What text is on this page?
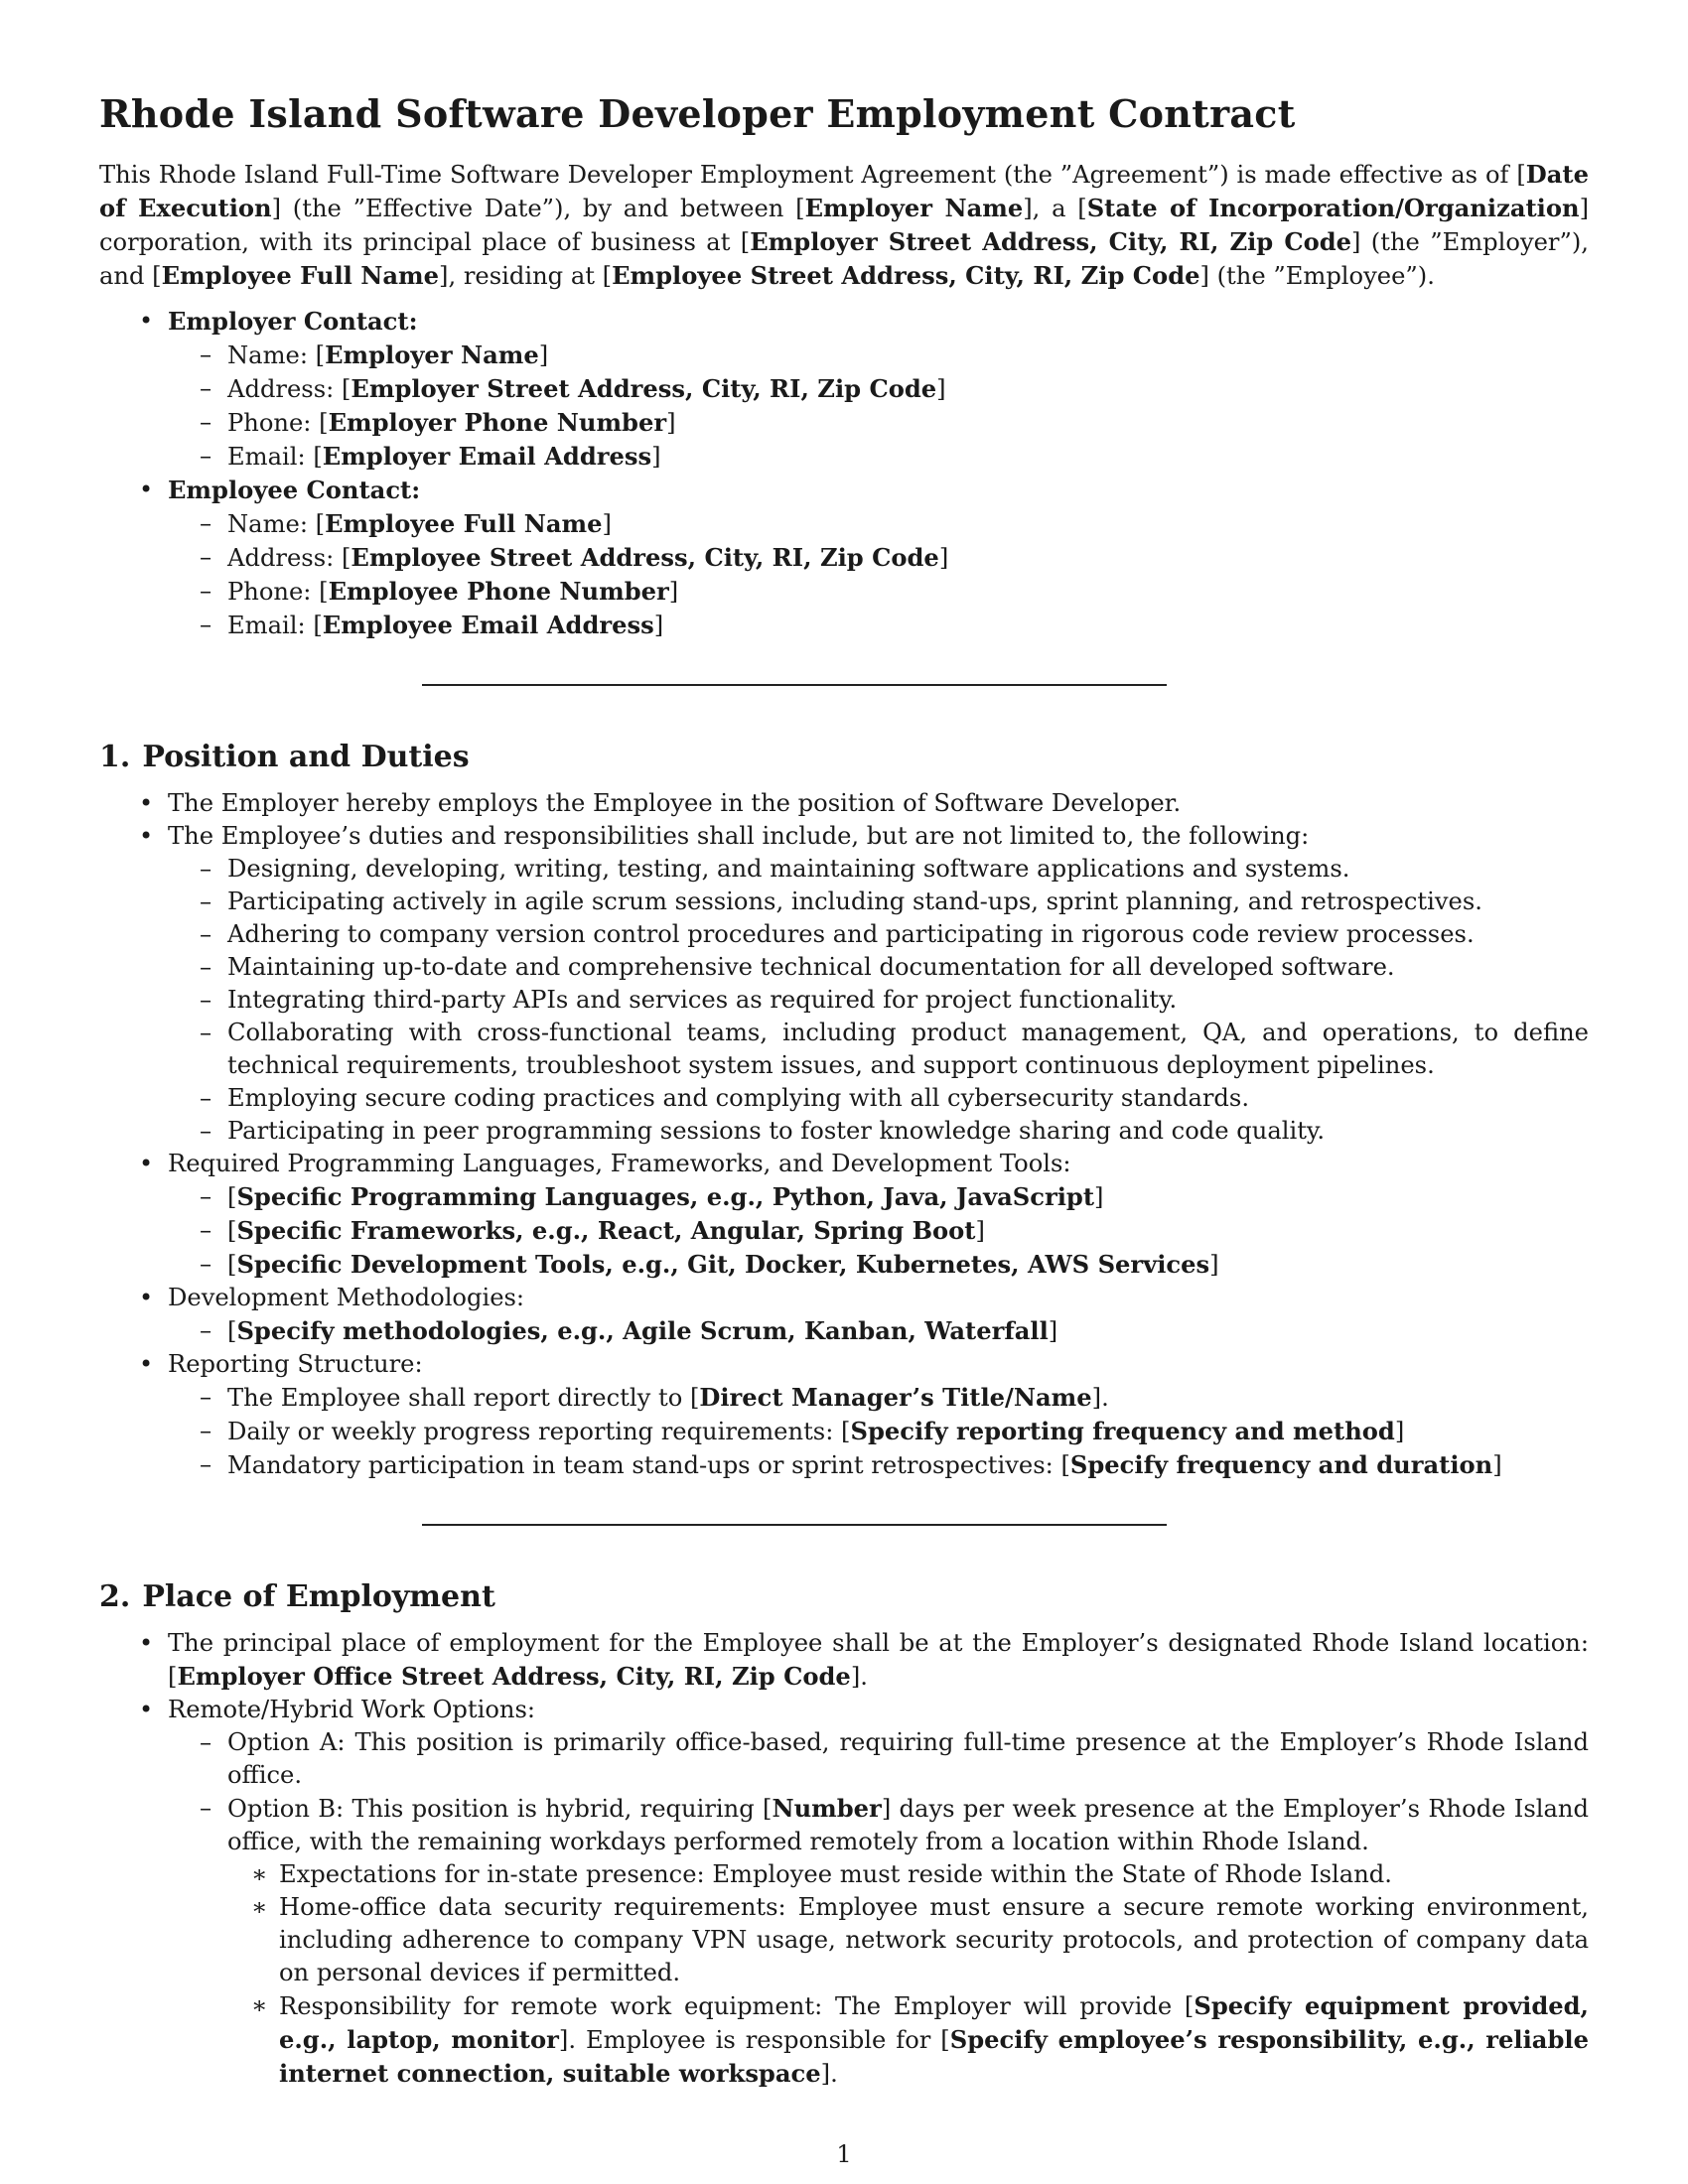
Rhode Island Software Developer Employment Contract

This Rhode Island Full-Time Software Developer Employment Agreement (the ”Agreement”) is made effective as of [Date of Execution] (the ”Effective Date”), by and between [Employer Name], a [State of Incorporation/Organization] corporation, with its principal place of business at [Employer Street Address, City, RI, Zip Code] (the ”Employer”), and [Employee Full Name], residing at [Employee Street Address, City, RI, Zip Code] (the ”Employee”).

• Employer Contact:
– Name: [Employer Name]
– Address: [Employer Street Address, City, RI, Zip Code]
– Phone: [Employer Phone Number]
– Email: [Employer Email Address]
• Employee Contact:
– Name: [Employee Full Name]
– Address: [Employee Street Address, City, RI, Zip Code]
– Phone: [Employee Phone Number]
– Email: [Employee Email Address]
1. Position and Duties
• The Employer hereby employs the Employee in the position of Software Developer.
• The Employee’s duties and responsibilities shall include, but are not limited to, the following:
– Designing, developing, writing, testing, and maintaining software applications and systems.
– Participating actively in agile scrum sessions, including stand-ups, sprint planning, and retrospectives.
– Adhering to company version control procedures and participating in rigorous code review processes.
– Maintaining up-to-date and comprehensive technical documentation for all developed software.
– Integrating third-party APIs and services as required for project functionality.
– Collaborating with cross-functional teams, including product management, QA, and operations, to define technical requirements, troubleshoot system issues, and support continuous deployment pipelines.
– Employing secure coding practices and complying with all cybersecurity standards.
– Participating in peer programming sessions to foster knowledge sharing and code quality.
• Required Programming Languages, Frameworks, and Development Tools:
– [Specific Programming Languages, e.g., Python, Java, JavaScript]
– [Specific Frameworks, e.g., React, Angular, Spring Boot]
– [Specific Development Tools, e.g., Git, Docker, Kubernetes, AWS Services]
• Development Methodologies:
– [Specify methodologies, e.g., Agile Scrum, Kanban, Waterfall]
• Reporting Structure:
– The Employee shall report directly to [Direct Manager’s Title/Name].
– Daily or weekly progress reporting requirements: [Specify reporting frequency and method]
– Mandatory participation in team stand-ups or sprint retrospectives: [Specify frequency and duration]
2. Place of Employment
• The principal place of employment for the Employee shall be at the Employer’s designated Rhode Island location: [Employer Office Street Address, City, RI, Zip Code].
• Remote/Hybrid Work Options:
– Option A: This position is primarily office-based, requiring full-time presence at the Employer’s Rhode Island office.
– Option B: This position is hybrid, requiring [Number] days per week presence at the Employer’s Rhode Island office, with the remaining workdays performed remotely from a location within Rhode Island.
∗ Expectations for in-state presence: Employee must reside within the State of Rhode Island.
∗ Home-office data security requirements: Employee must ensure a secure remote working environment, including adherence to company VPN usage, network security protocols, and protection of company data on personal devices if permitted.
∗ Responsibility for remote work equipment: The Employer will provide [Specify equipment provided, e.g., laptop, monitor]. Employee is responsible for [Specify employee’s responsibility, e.g., reliable internet connection, suitable workspace].
1
